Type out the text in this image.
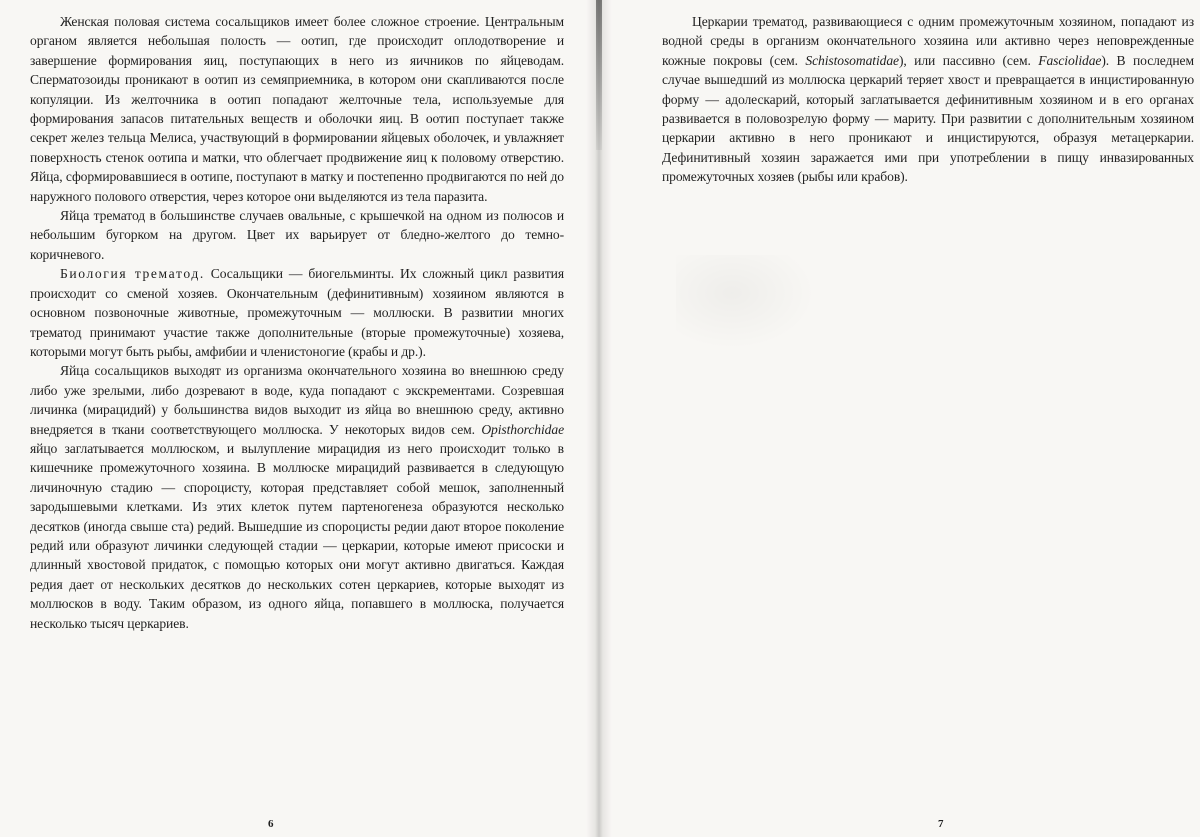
Женская половая система сосальщиков имеет более сложное строение. Центральным органом является небольшая полость — оотип, где происходит оплодотворение и завершение формирования яиц, поступающих в него из яичников по яйцеводам. Сперматозоиды проникают в оотип из семяприемника, в котором они скапливаются после копуляции. Из желточника в оотип попадают желточные тела, используемые для формирования запасов питательных веществ и оболочки яиц. В оотип поступает также секрет желез тельца Мелиса, участвующий в формировании яйцевых оболочек, и увлажняет поверхность стенок оотипа и матки, что облегчает продвижение яиц к половому отверстию. Яйца, сформировавшиеся в оотипе, поступают в матку и постепенно продвигаются по ней до наружного полового отверстия, через которое они выделяются из тела паразита.

Яйца трематод в большинстве случаев овальные, с крышечкой на одном из полюсов и небольшим бугорком на другом. Цвет их варьирует от бледно-желтого до темно-коричневого.

Биология трематод. Сосальщики — биогельминты. Их сложный цикл развития происходит со сменой хозяев. Окончательным (дефинитивным) хозяином являются в основном позвоночные животные, промежуточным — моллюски. В развитии многих трематод принимают участие также дополнительные (вторые промежуточные) хозяева, которыми могут быть рыбы, амфибии и членистоногие (крабы и др.).

Яйца сосальщиков выходят из организма окончательного хозяина во внешнюю среду либо уже зрелыми, либо дозревают в воде, куда попадают с экскрементами. Созревшая личинка (мирацидий) у большинства видов выходит из яйца во внешнюю среду, активно внедряется в ткани соответствующего моллюска. У некоторых видов сем. Opisthorchidae яйцо заглатывается моллюском, и вылупление мирацидия из него происходит только в кишечнике промежуточного хозяина. В моллюске мирацидий развивается в следующую личиночную стадию — спороцисту, которая представляет собой мешок, заполненный зародышевыми клетками. Из этих клеток путем партеногенеза образуются несколько десятков (иногда свыше ста) редий. Вышедшие из спороцисты редии дают второе поколение редий или образуют личинки следующей стадии — церкарии, которые имеют присоски и длинный хвостовой придаток, с помощью которых они могут активно двигаться. Каждая редия дает от нескольких десятков до нескольких сотен церкариев, которые выходят из моллюсков в воду. Таким образом, из одного яйца, попавшего в моллюска, получается несколько тысяч церкариев.

Церкарии трематод, развивающиеся с одним промежуточным хозяином, попадают из водной среды в организм окончательного хозяина или активно через неповрежденные кожные покровы (сем. Schistosomatidae), или пассивно (сем. Fasciolidae). В последнем случае вышедший из моллюска церкарий теряет хвост и превращается в инцистированную форму — адолескарий, который заглатывается дефинитивным хозяином и в его органах развивается в половозрелую форму — мариту. При развитии с дополнительным хозяином церкарии активно в него проникают и инцистируются, образуя метацеркарии. Дефинитивный хозяин заражается ими при употреблении в пищу инвазированных промежуточных хозяев (рыбы или крабов).

6	7
